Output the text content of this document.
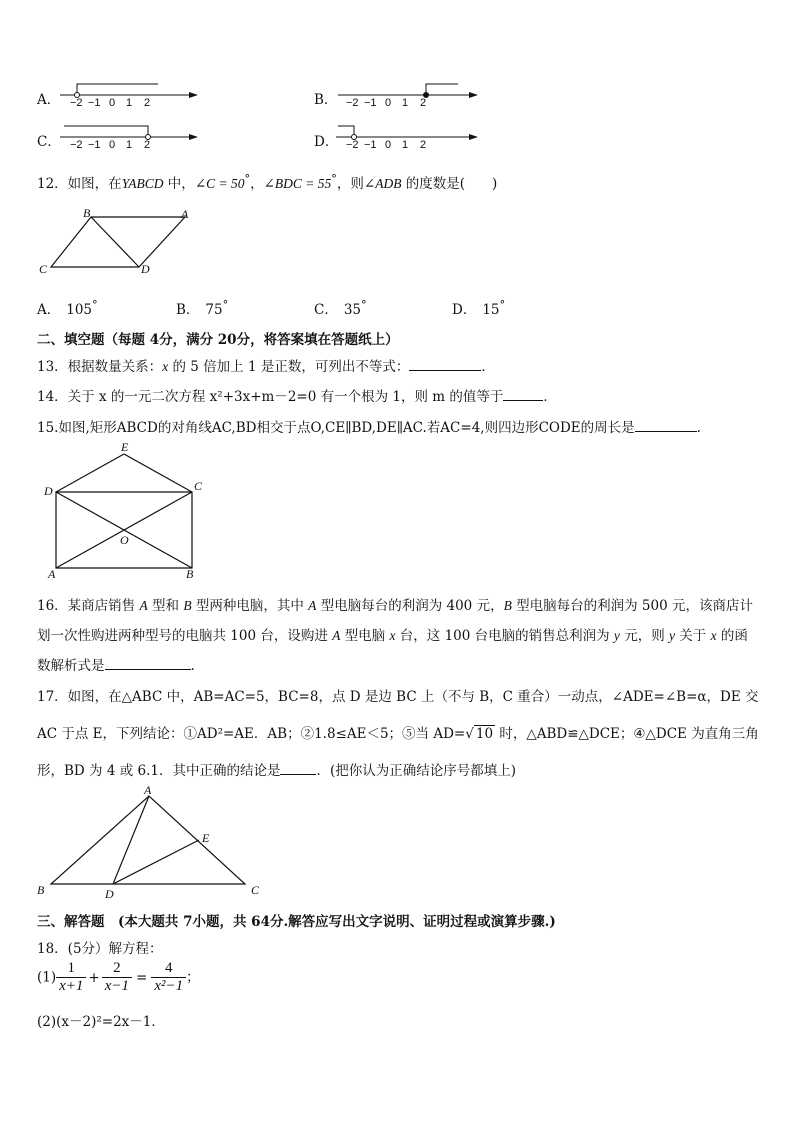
A． −2 −1 0 1 2	B． −2 −1 0 1 2
C． −2 −1 0 1 2	D． −2 −1 0 1 2
12．如图，在YABCD 中，∠C = 50°，∠BDC = 55°，则∠ADB 的度数是(　　)
B	A
C	D
A． 105°	B． 75°	C． 35°	D． 15°
二、填空题（每题 4分，满分 20分，将答案填在答题纸上）
13．根据数量关系：x 的 5 倍加上 1 是正数，可列出不等式：	．
14．关于 x 的一元二次方程 x²+3x+m－2=0 有一个根为 1，则 m 的值等于	．
15.如图,矩形ABCD的对角线AC,BD相交于点O,CE∥BD,DE∥AC.若AC=4,则四边形CODE的周长是	.
E
D	C
O
A	B
16．某商店销售 A 型和 B 型两种电脑，其中 A 型电脑每台的利润为 400 元，B 型电脑每台的利润为 500 元，该商店计
划一次性购进两种型号的电脑共 100 台，设购进 A 型电脑 x 台，这 100 台电脑的销售总利润为 y 元，则 y 关于 x 的函
数解析式是	.
17．如图，在△ABC 中，AB=AC=5，BC=8，点 D 是边 BC 上（不与 B，C 重合）一动点，∠ADE=∠B=α，DE 交
AC 于点 E，下列结论：①AD²=AE．AB；②1.8≤AE＜5；⑤当 AD=√ 10 时，△ABD≌△DCE；④△DCE 为直角三角
形，BD 为 4 或 6.1．其中正确的结论是	．(把你认为正确结论序号都填上)
A
B	C
D
E
三、解答题　(本大题共 7小题，共 64分.解答应写出文字说明、证明过程或演算步骤.)
18．(5分）解方程：
$(1) \frac{1}{x+1} + \frac{2}{x-1} = \frac{4}{\text{x²−1}}$ ；
(2)(x－2)²=2x－1．
